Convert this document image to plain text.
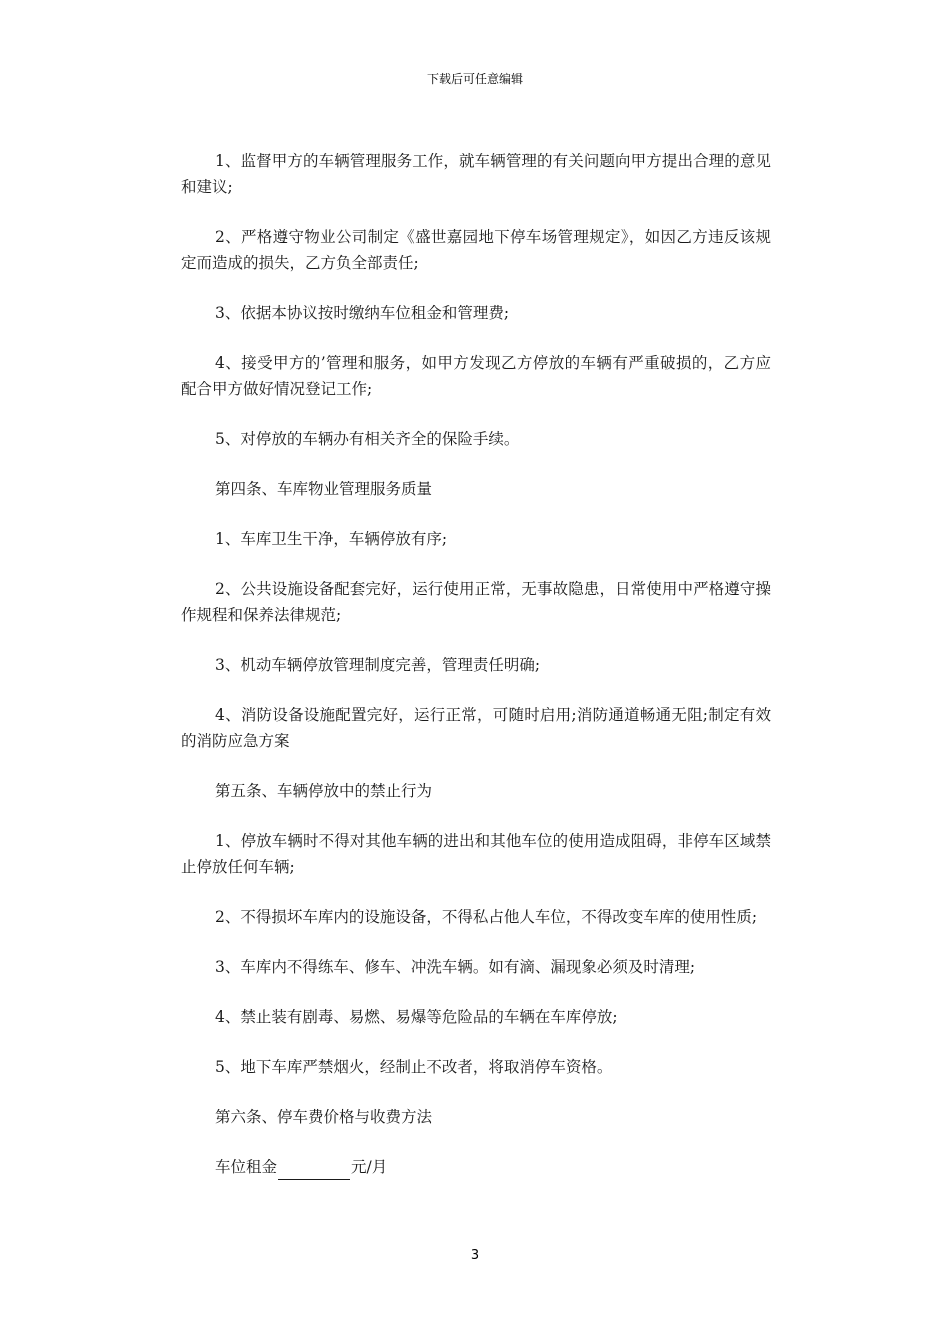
下载后可任意编辑

1、监督甲方的车辆管理服务工作，就车辆管理的有关问题向甲方提出合理的意见和建议;

2、严格遵守物业公司制定《盛世嘉园地下停车场管理规定》，如因乙方违反该规定而造成的损失，乙方负全部责任;

3、依据本协议按时缴纳车位租金和管理费;

4、接受甲方的’管理和服务，如甲方发现乙方停放的车辆有严重破损的，乙方应配合甲方做好情况登记工作;

5、对停放的车辆办有相关齐全的保险手续。

第四条、车库物业管理服务质量

1、车库卫生干净，车辆停放有序;

2、公共设施设备配套完好，运行使用正常，无事故隐患，日常使用中严格遵守操作规程和保养法律规范;

3、机动车辆停放管理制度完善，管理责任明确;

4、消防设备设施配置完好，运行正常，可随时启用;消防通道畅通无阻;制定有效的消防应急方案

第五条、车辆停放中的禁止行为

1、停放车辆时不得对其他车辆的进出和其他车位的使用造成阻碍，非停车区域禁止停放任何车辆;

2、不得损坏车库内的设施设备，不得私占他人车位，不得改变车库的使用性质;

3、车库内不得练车、修车、冲洗车辆。如有滴、漏现象必须及时清理;

4、禁止装有剧毒、易燃、易爆等危险品的车辆在车库停放;

5、地下车库严禁烟火，经制止不改者，将取消停车资格。

第六条、停车费价格与收费方法

车位租金	元/月

3
